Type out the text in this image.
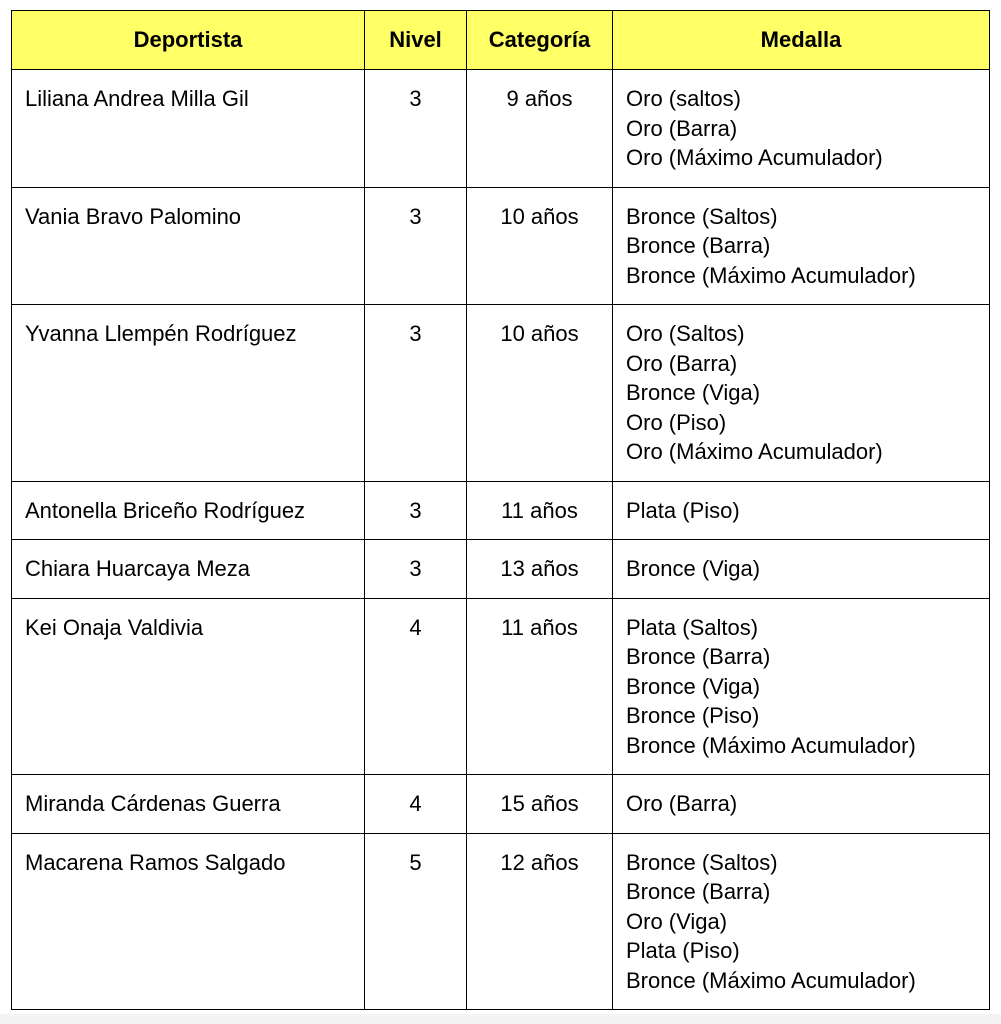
Deportista	Nivel	Categoría	Medalla
Liliana Andrea Milla Gil	3	9 años	Oro (saltos)
Oro (Barra)
Oro (Máximo Acumulador)

Vania Bravo Palomino	3	10 años	Bronce (Saltos)
Bronce (Barra)
Bronce (Máximo Acumulador)

Yvanna Llempén Rodríguez	3	10 años	Oro (Saltos)
Oro (Barra)
Bronce (Viga)
Oro (Piso)
Oro (Máximo Acumulador)

Antonella Briceño Rodríguez	3	11 años	Plata (Piso)

Chiara Huarcaya Meza	3	13 años	Bronce (Viga)

Kei Onaja Valdivia	4	11 años	Plata (Saltos)
Bronce (Barra)
Bronce (Viga)
Bronce (Piso)
Bronce (Máximo Acumulador)

Miranda Cárdenas Guerra	4	15 años	Oro (Barra)

Macarena Ramos Salgado	5	12 años	Bronce (Saltos)
Bronce (Barra)
Oro (Viga)
Plata (Piso)
Bronce (Máximo Acumulador)
